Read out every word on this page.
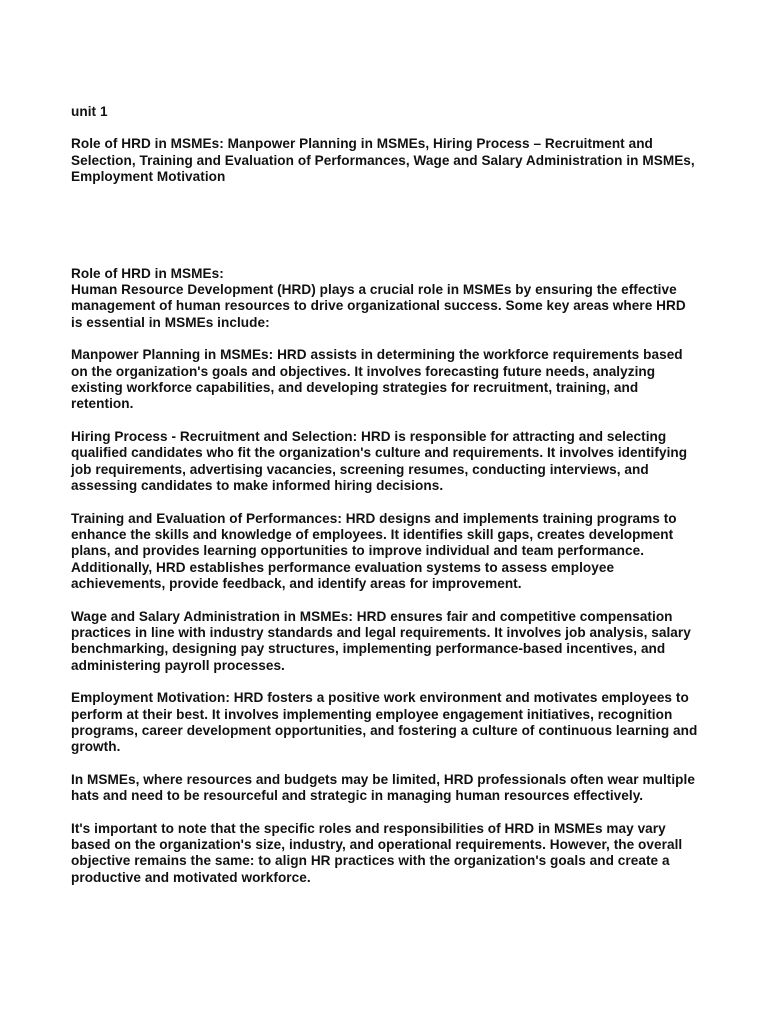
unit 1

Role of HRD in MSMEs: Manpower Planning in MSMEs, Hiring Process – Recruitment and Selection, Training and Evaluation of Performances, Wage and Salary Administration in MSMEs, Employment Motivation

Role of HRD in MSMEs:

Human Resource Development (HRD) plays a crucial role in MSMEs by ensuring the effective management of human resources to drive organizational success. Some key areas where HRD is essential in MSMEs include:

Manpower Planning in MSMEs: HRD assists in determining the workforce requirements based on the organization's goals and objectives. It involves forecasting future needs, analyzing existing workforce capabilities, and developing strategies for recruitment, training, and retention.

Hiring Process - Recruitment and Selection: HRD is responsible for attracting and selecting qualified candidates who fit the organization's culture and requirements. It involves identifying job requirements, advertising vacancies, screening resumes, conducting interviews, and assessing candidates to make informed hiring decisions.

Training and Evaluation of Performances: HRD designs and implements training programs to enhance the skills and knowledge of employees. It identifies skill gaps, creates development plans, and provides learning opportunities to improve individual and team performance. Additionally, HRD establishes performance evaluation systems to assess employee achievements, provide feedback, and identify areas for improvement.

Wage and Salary Administration in MSMEs: HRD ensures fair and competitive compensation practices in line with industry standards and legal requirements. It involves job analysis, salary benchmarking, designing pay structures, implementing performance-based incentives, and administering payroll processes.

Employment Motivation: HRD fosters a positive work environment and motivates employees to perform at their best. It involves implementing employee engagement initiatives, recognition programs, career development opportunities, and fostering a culture of continuous learning and growth.

In MSMEs, where resources and budgets may be limited, HRD professionals often wear multiple hats and need to be resourceful and strategic in managing human resources effectively.

It's important to note that the specific roles and responsibilities of HRD in MSMEs may vary based on the organization's size, industry, and operational requirements. However, the overall objective remains the same: to align HR practices with the organization's goals and create a productive and motivated workforce.
